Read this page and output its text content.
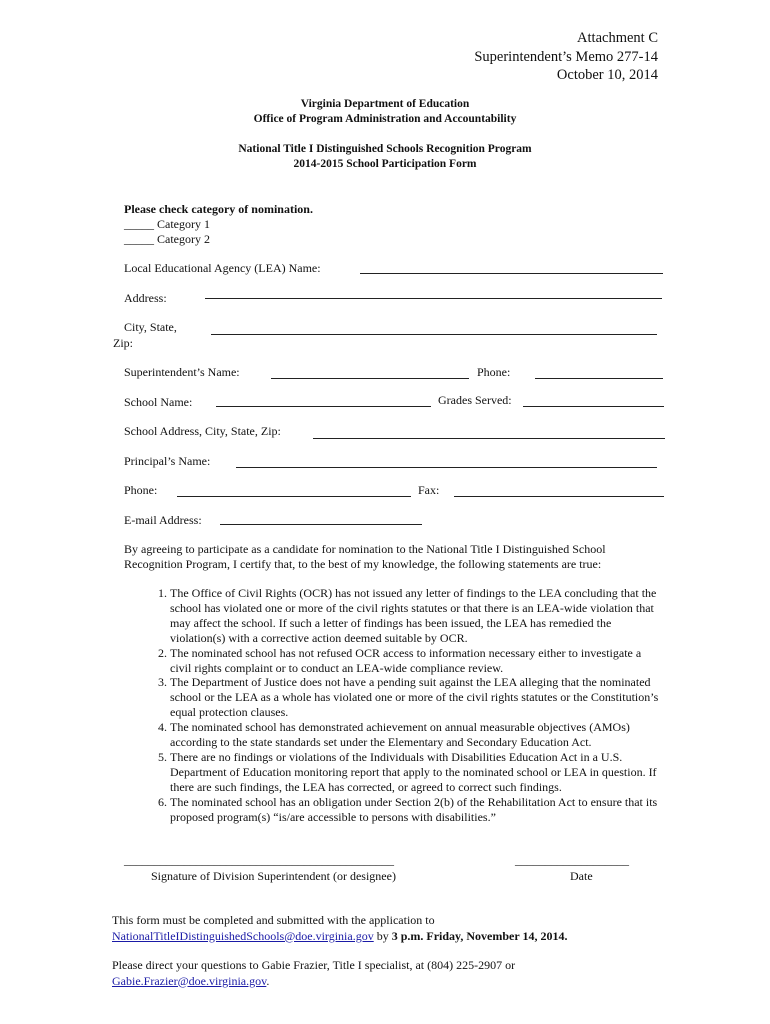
Attachment C
Superintendent’s Memo 277-14
October 10, 2014
Virginia Department of Education
Office of Program Administration and Accountability
National Title I Distinguished Schools Recognition Program
2014-2015 School Participation Form
Please check category of nomination.
_____ Category 1
_____ Category 2
Local Educational Agency (LEA) Name:
Address:
City, State,
Zip:
Superintendent’s Name:	Phone:
School Name:	Grades Served:
School Address, City, State, Zip:
Principal’s Name:
Phone:	Fax:
E-mail Address:
By agreeing to participate as a candidate for nomination to the National Title I Distinguished School Recognition Program, I certify that, to the best of my knowledge, the following statements are true:
1. The Office of Civil Rights (OCR) has not issued any letter of findings to the LEA concluding that the school has violated one or more of the civil rights statutes or that there is an LEA-wide violation that may affect the school. If such a letter of findings has been issued, the LEA has remedied the violation(s) with a corrective action deemed suitable by OCR.
2. The nominated school has not refused OCR access to information necessary either to investigate a civil rights complaint or to conduct an LEA-wide compliance review.
3. The Department of Justice does not have a pending suit against the LEA alleging that the nominated school or the LEA as a whole has violated one or more of the civil rights statutes or the Constitution’s equal protection clauses.
4. The nominated school has demonstrated achievement on annual measurable objectives (AMOs) according to the state standards set under the Elementary and Secondary Education Act.
5. There are no findings or violations of the Individuals with Disabilities Education Act in a U.S. Department of Education monitoring report that apply to the nominated school or LEA in question. If there are such findings, the LEA has corrected, or agreed to correct such findings.
6. The nominated school has an obligation under Section 2(b) of the Rehabilitation Act to ensure that its proposed program(s) “is/are accessible to persons with disabilities.”
_____________________________________________
Signature of Division Superintendent (or designee)
___________________
Date
This form must be completed and submitted with the application to
NationalTitleIDistinguishedSchools@doe.virginia.gov by 3 p.m. Friday, November 14, 2014.
Please direct your questions to Gabie Frazier, Title I specialist, at (804) 225-2907 or
Gabie.Frazier@doe.virginia.gov.
